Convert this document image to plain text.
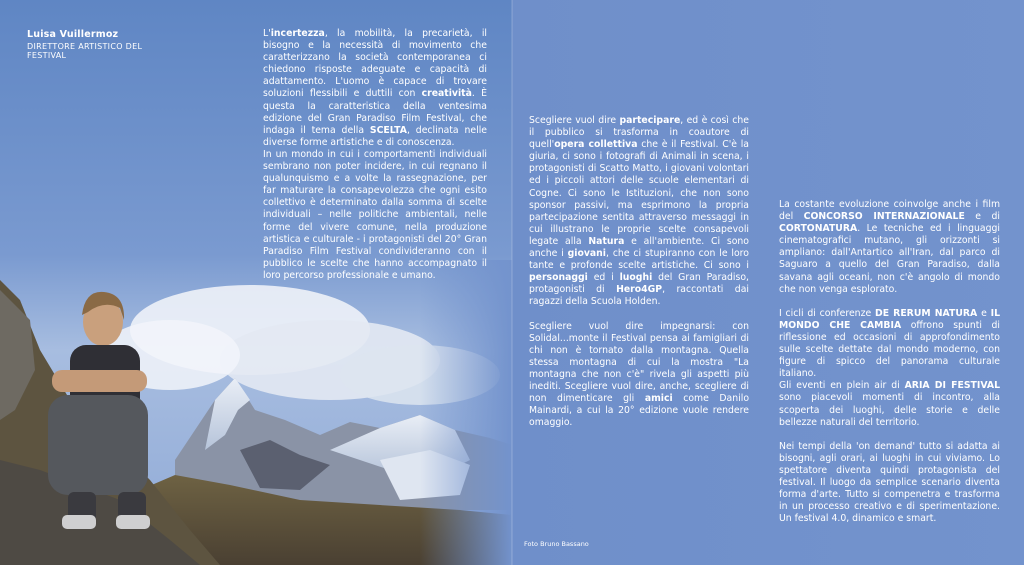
Luisa Vuillermoz
DIRETTORE ARTISTICO DEL FESTIVAL

L'incertezza, la mobilità, la precarietà, il bisogno e la necessità di movimento che caratterizzano la società contemporanea ci chiedono risposte adeguate e capacità di adattamento. L'uomo è capace di trovare soluzioni flessibili e duttili con creatività. È questa la caratteristica della ventesima edizione del Gran Paradiso Film Festival, che indaga il tema della SCELTA, declinata nelle diverse forme artistiche e di conoscenza.

In un mondo in cui i comportamenti individuali sembrano non poter incidere, in cui regnano il qualunquismo e a volte la rassegnazione, per far maturare la consapevolezza che ogni esito collettivo è determinato dalla somma di scelte individuali – nelle politiche ambientali, nelle forme del vivere comune, nella produzione artistica e culturale - i protagonisti del 20° Gran Paradiso Film Festival condivideranno con il pubblico le scelte che hanno accompagnato il loro percorso professionale e umano.

Scegliere vuol dire partecipare, ed è così che il pubblico si trasforma in coautore di quell'opera collettiva che è il Festival. C'è la giuria, ci sono i fotografi di Animali in scena, i protagonisti di Scatto Matto, i giovani volontari ed i piccoli attori delle scuole elementari di Cogne. Ci sono le Istituzioni, che non sono sponsor passivi, ma esprimono la propria partecipazione sentita attraverso messaggi in cui illustrano le proprie scelte consapevoli legate alla Natura e all'ambiente. Ci sono anche i giovani, che ci stupiranno con le loro tante e profonde scelte artistiche. Ci sono i personaggi ed i luoghi del Gran Paradiso, protagonisti di Hero4GP, raccontati dai ragazzi della Scuola Holden.

Scegliere vuol dire impegnarsi: con Solidal...monte il Festival pensa ai famigliari di chi non è tornato dalla montagna. Quella stessa montagna di cui la mostra "La montagna che non c'è" rivela gli aspetti più inediti. Scegliere vuol dire, anche, scegliere di non dimenticare gli amici come Danilo Mainardi, a cui la 20° edizione vuole rendere omaggio.

La costante evoluzione coinvolge anche i film del CONCORSO INTERNAZIONALE e di CORTONATURA. Le tecniche ed i linguaggi cinematografici mutano, gli orizzonti si ampliano: dall'Antartico all'Iran, dal parco di Saguaro a quello del Gran Paradiso, dalla savana agli oceani, non c'è angolo di mondo che non venga esplorato.

I cicli di conferenze DE RERUM NATURA e IL MONDO CHE CAMBIA offrono spunti di riflessione ed occasioni di approfondimento sulle scelte dettate dal mondo moderno, con figure di spicco del panorama culturale italiano.

Gli eventi en plein air di ARIA DI FESTIVAL sono piacevoli momenti di incontro, alla scoperta dei luoghi, delle storie e delle bellezze naturali del territorio.

Nei tempi della 'on demand' tutto si adatta ai bisogni, agli orari, ai luoghi in cui viviamo. Lo spettatore diventa quindi protagonista del festival. Il luogo da semplice scenario diventa forma d'arte. Tutto si compenetra e trasforma in un processo creativo e di sperimentazione. Un festival 4.0, dinamico e smart.

Foto Bruno Bassano
